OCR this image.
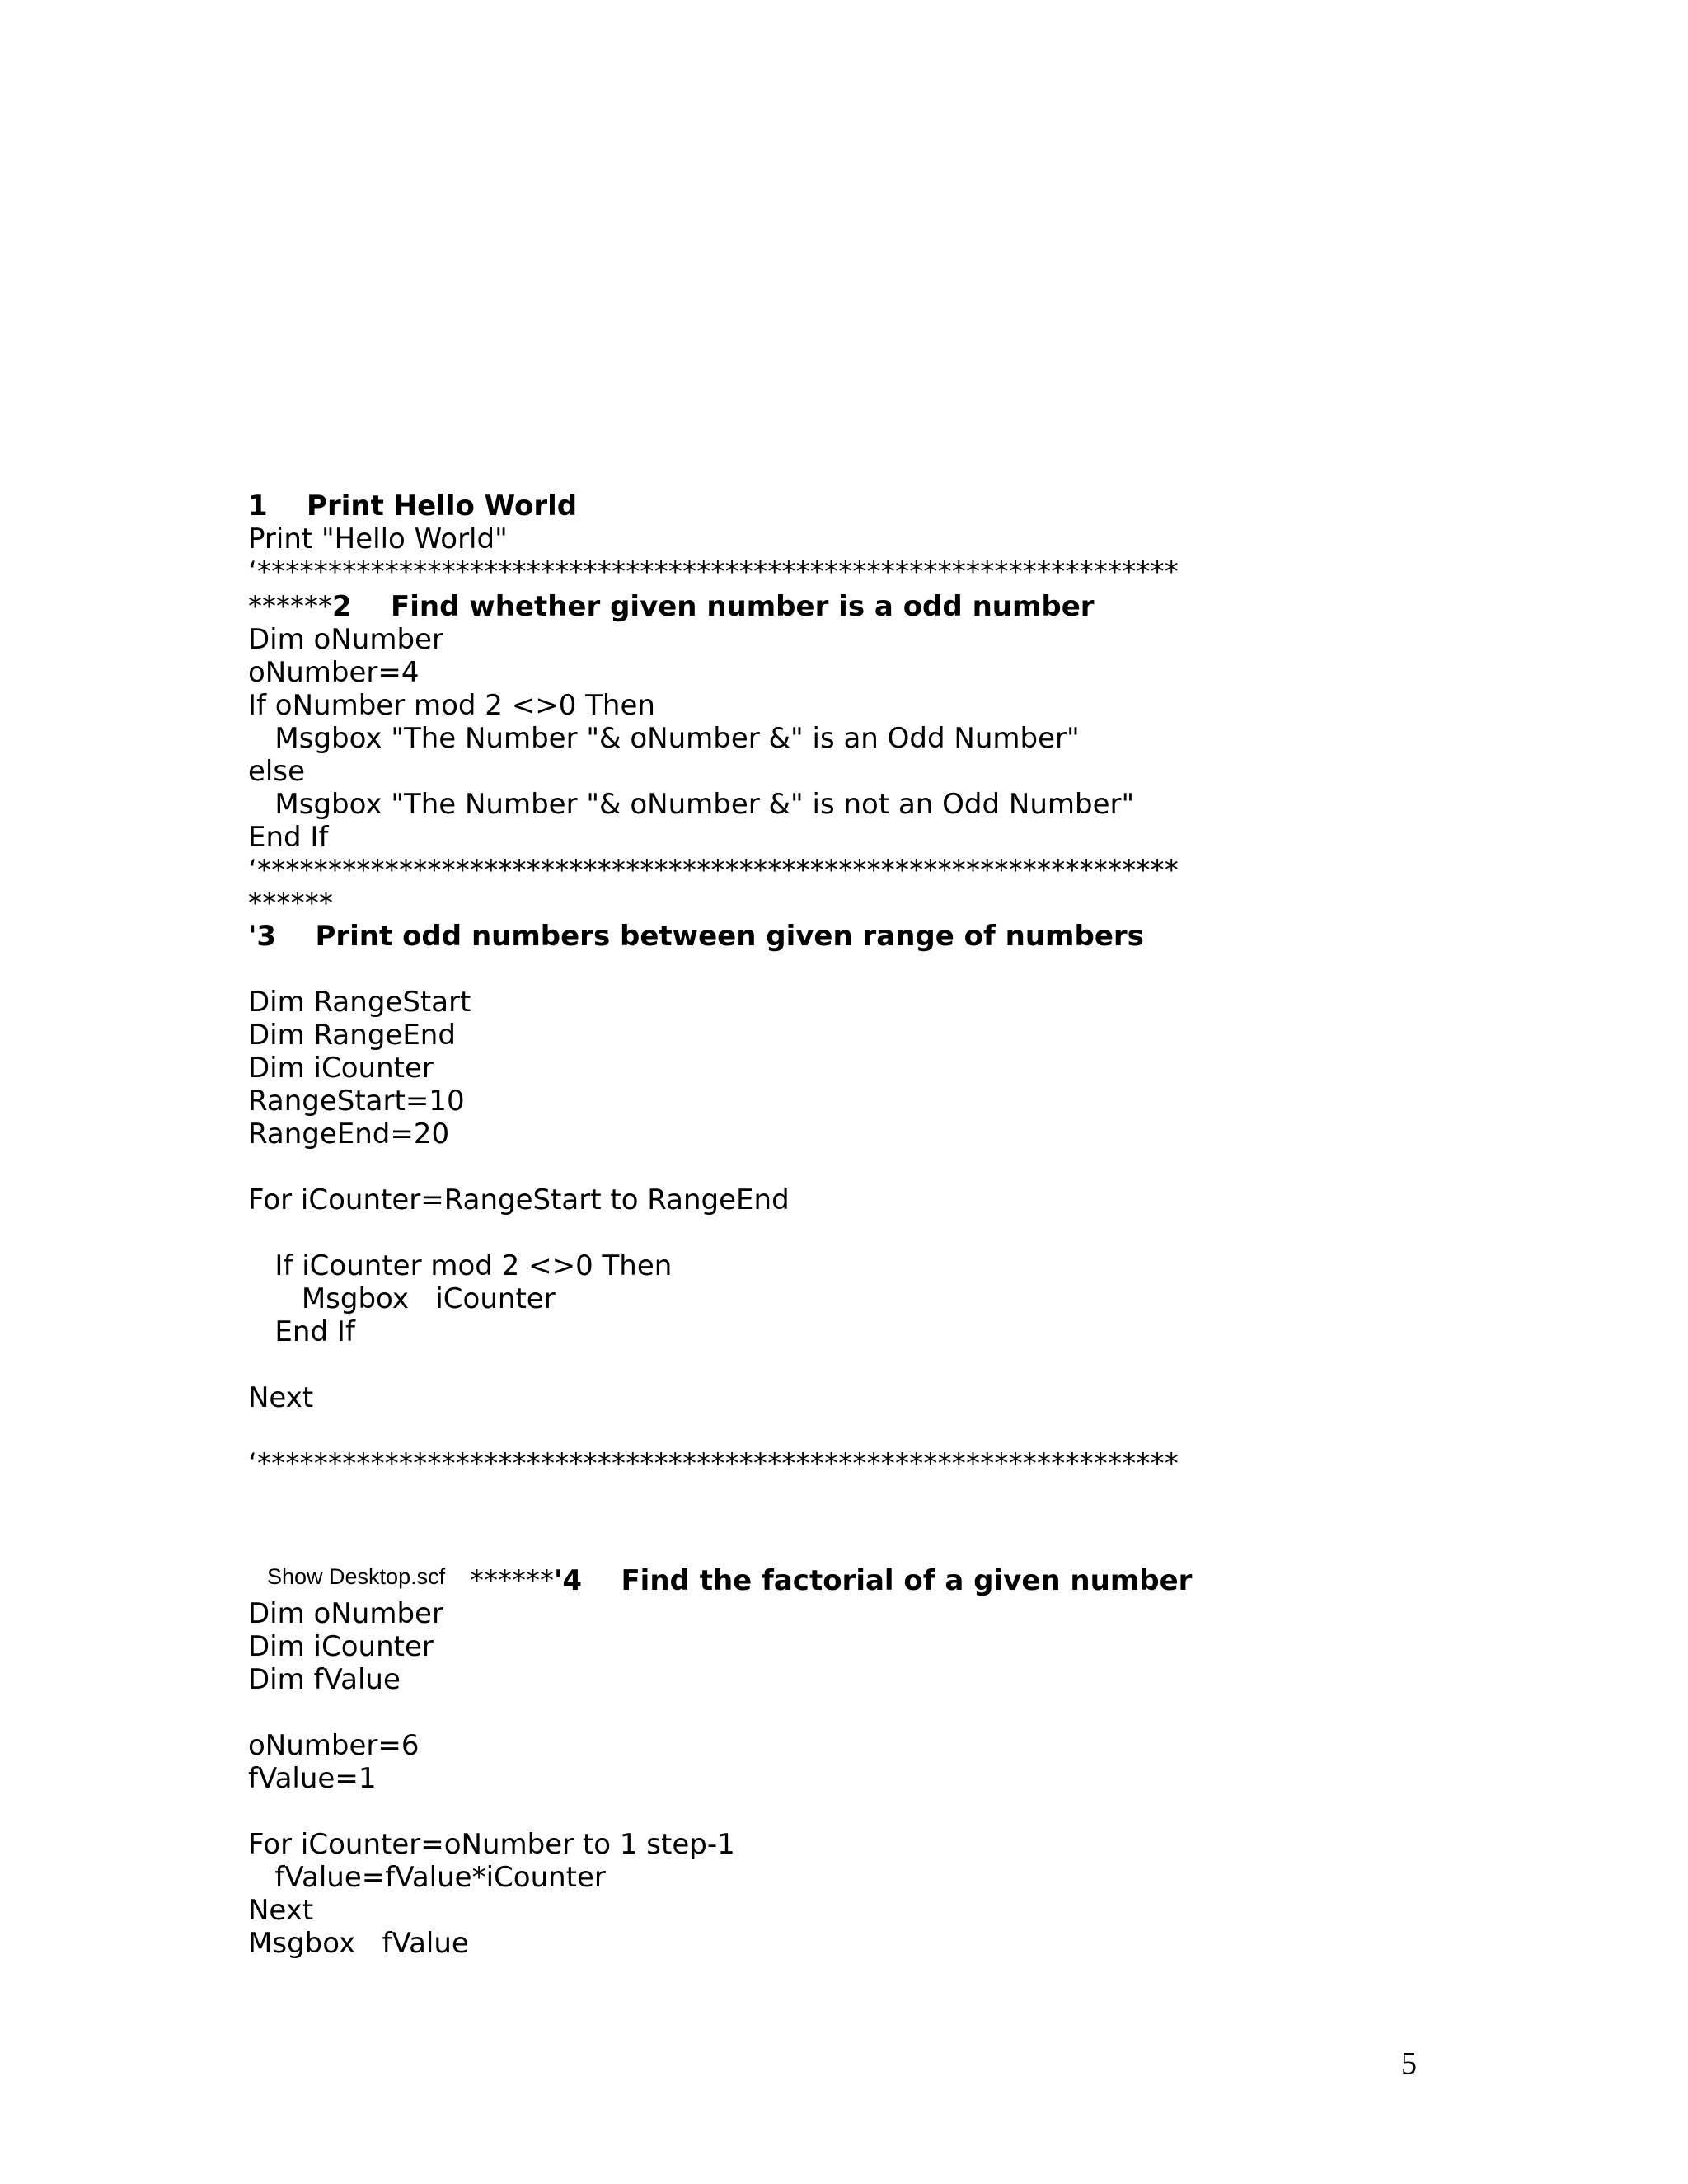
1 Print Hello World
Print "Hello World"
‘*****************************************************************
******2 Find whether given number is a odd number
Dim oNumber
oNumber=4
If oNumber mod 2 <>0 Then
Msgbox "The Number "& oNumber &" is an Odd Number"
else
Msgbox "The Number "& oNumber &" is not an Odd Number"
End If
‘*****************************************************************
******
'3 Print odd numbers between given range of numbers
Dim RangeStart
Dim RangeEnd
Dim iCounter
RangeStart=10
RangeEnd=20
For iCounter=RangeStart to RangeEnd
If iCounter mod 2 <>0 Then
Msgbox   iCounter
End If
Next
‘*****************************************************************
Show Desktop.scf ******'4 Find the factorial of a given number
Dim oNumber
Dim iCounter
Dim fValue
oNumber=6
fValue=1
For iCounter=oNumber to 1 step-1
fValue=fValue*iCounter
Next
Msgbox   fValue
5
